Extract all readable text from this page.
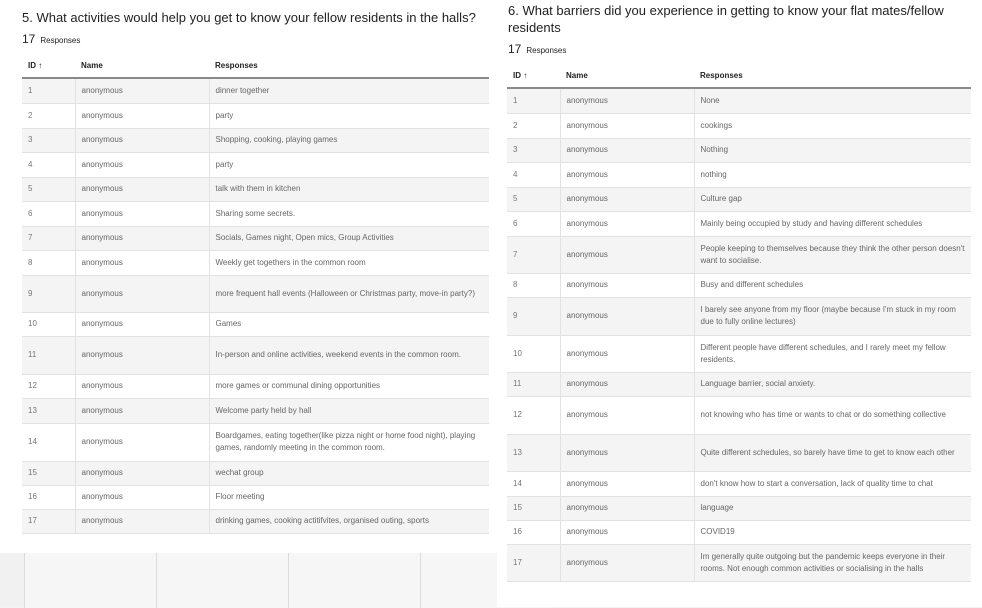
5. What activities would help you get to know your fellow residents in the halls?
17 Responses
ID ↑	Name	Responses
1	anonymous	dinner together
2	anonymous	party
3	anonymous	Shopping, cooking, playing games
4	anonymous	party
5	anonymous	talk with them in kitchen
6	anonymous	Sharing some secrets.
7	anonymous	Socials, Games night, Open mics, Group Activities
8	anonymous	Weekly get togethers in the common room
9	anonymous	more frequent hall events (Halloween or Christmas party, move-in party?)
10	anonymous	Games
11	anonymous	In-person and online activities, weekend events in the common room.
12	anonymous	more games or communal dining opportunities
13	anonymous	Welcome party held by hall
14	anonymous	Boardgames, eating together(like pizza night or home food night), playing games, randomly meeting in the common room.
15	anonymous	wechat group
16	anonymous	Floor meeting
17	anonymous	drinking games, cooking actitifvites, organised outing, sports
6. What barriers did you experience in getting to know your flat mates/fellow residents
17 Responses
ID ↑	Name	Responses
1	anonymous	None
2	anonymous	cookings
3	anonymous	Nothing
4	anonymous	nothing
5	anonymous	Culture gap
6	anonymous	Mainly being occupied by study and having different schedules
7	anonymous	People keeping to themselves because they think the other person doesn't want to socialise.
8	anonymous	Busy and different schedules
9	anonymous	I barely see anyone from my floor (maybe because I'm stuck in my room due to fully online lectures)
10	anonymous	Different people have different schedules, and I rarely meet my fellow residents.
11	anonymous	Language barrier, social anxiety.
12	anonymous	not knowing who has time or wants to chat or do something collective
13	anonymous	Quite different schedules, so barely have time to get to know each other
14	anonymous	don't know how to start a conversation, lack of quality time to chat
15	anonymous	language
16	anonymous	COVID19
17	anonymous	Im generally quite outgoing but the pandemic keeps everyone in their rooms. Not enough common activities or socialising in the halls
